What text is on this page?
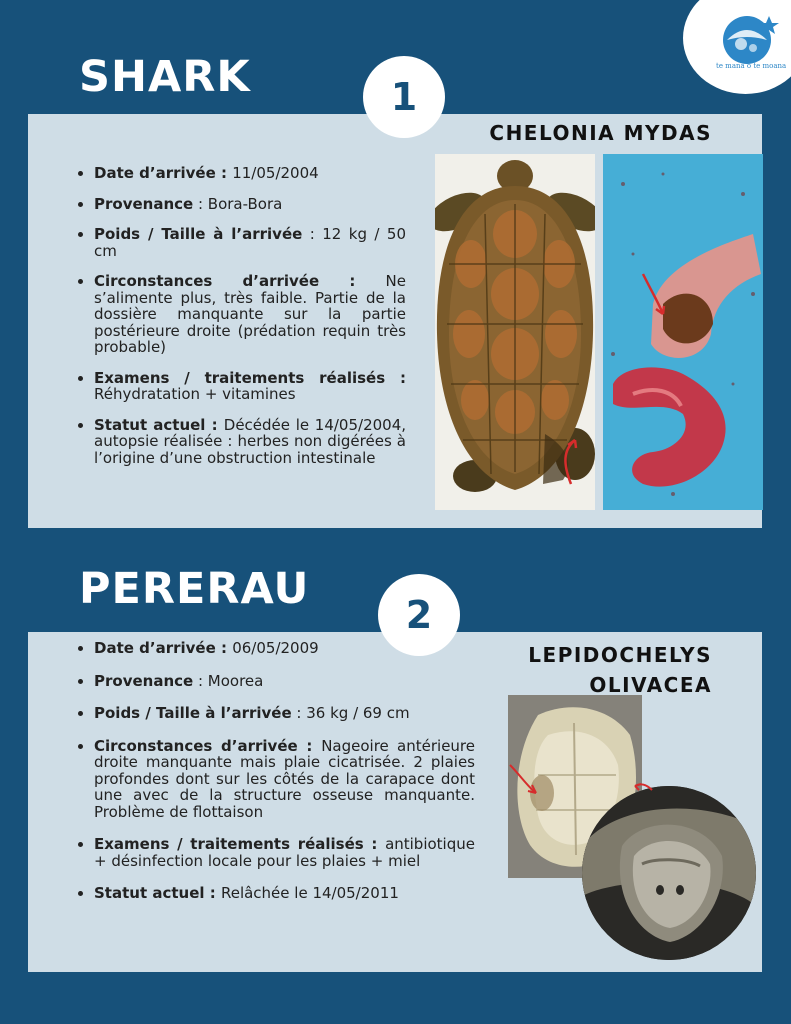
te mana o te moana
SHARK	1
CHELONIA MYDAS
• Date d’arrivée : 11/05/2004
• Provenance : Bora-Bora
• Poids / Taille à l’arrivée : 12 kg / 50 cm
• Circonstances d’arrivée : Ne s’alimente plus, très faible. Partie de la dossière manquante sur la partie postérieure droite (prédation requin très probable)
• Examens / traitements réalisés : Réhydratation + vitamines
• Statut actuel : Décédée le 14/05/2004, autopsie réalisée : herbes non digérées à l’origine d’une obstruction intestinale
PERERAU
2
LEPIDOCHELYS OLIVACEA
• Date d’arrivée : 06/05/2009
• Provenance : Moorea
• Poids / Taille à l’arrivée : 36 kg / 69 cm
• Circonstances d’arrivée : Nageoire antérieure droite manquante mais plaie cicatrisée. 2 plaies profondes dont sur les côtés de la carapace dont une avec de la structure osseuse manquante. Problème de flottaison
• Examens / traitements réalisés : antibiotique + désinfection locale pour les plaies + miel
• Statut actuel : Relâchée le 14/05/2011
